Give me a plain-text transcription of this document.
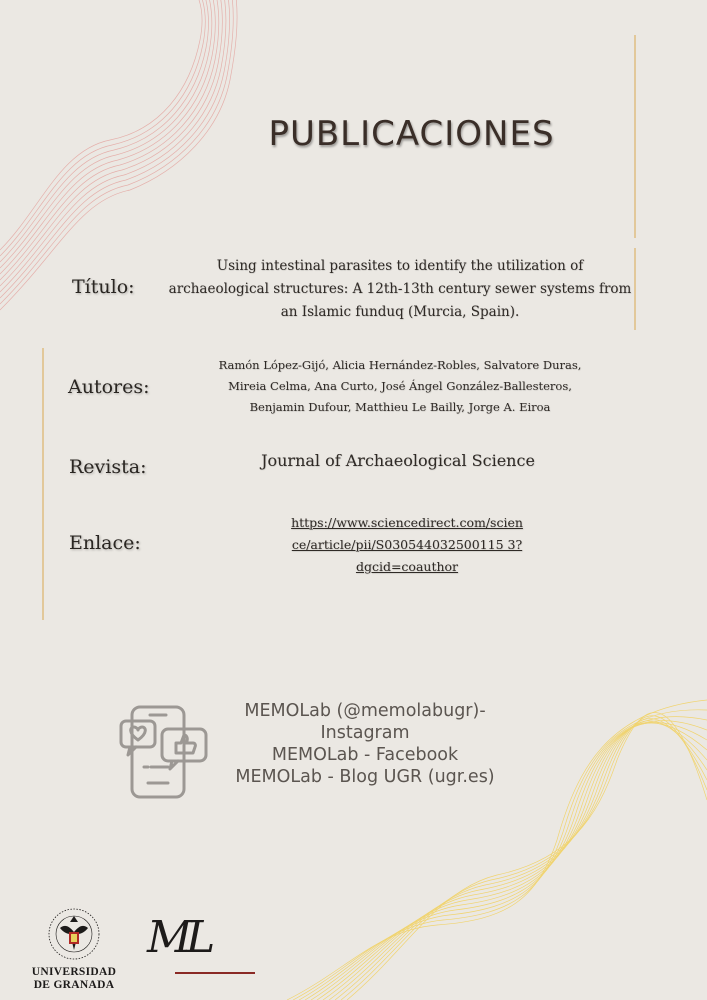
PUBLICACIONES
Título:
Using intestinal parasites to identify the utilization of
archaeological structures: A 12th-13th century sewer systems from
an Islamic funduq (Murcia, Spain).
Autores:
Ramón López-Gijó, Alicia Hernández-Robles, Salvatore Duras,
Mireia Celma, Ana Curto, José Ángel González-Ballesteros,
Benjamin Dufour, Matthieu Le Bailly, Jorge A. Eiroa
Revista:	Journal of Archaeological Science
Enlace:
https://www.sciencedirect.com/scien
ce/article/pii/S030544032500115 3?
dgcid=coauthor
MEMOLab (@memolabugr)-
Instagram
MEMOLab - Facebook
MEMOLab - Blog UGR (ugr.es)
UNIVERSIDAD
DE GRANADA
ML
